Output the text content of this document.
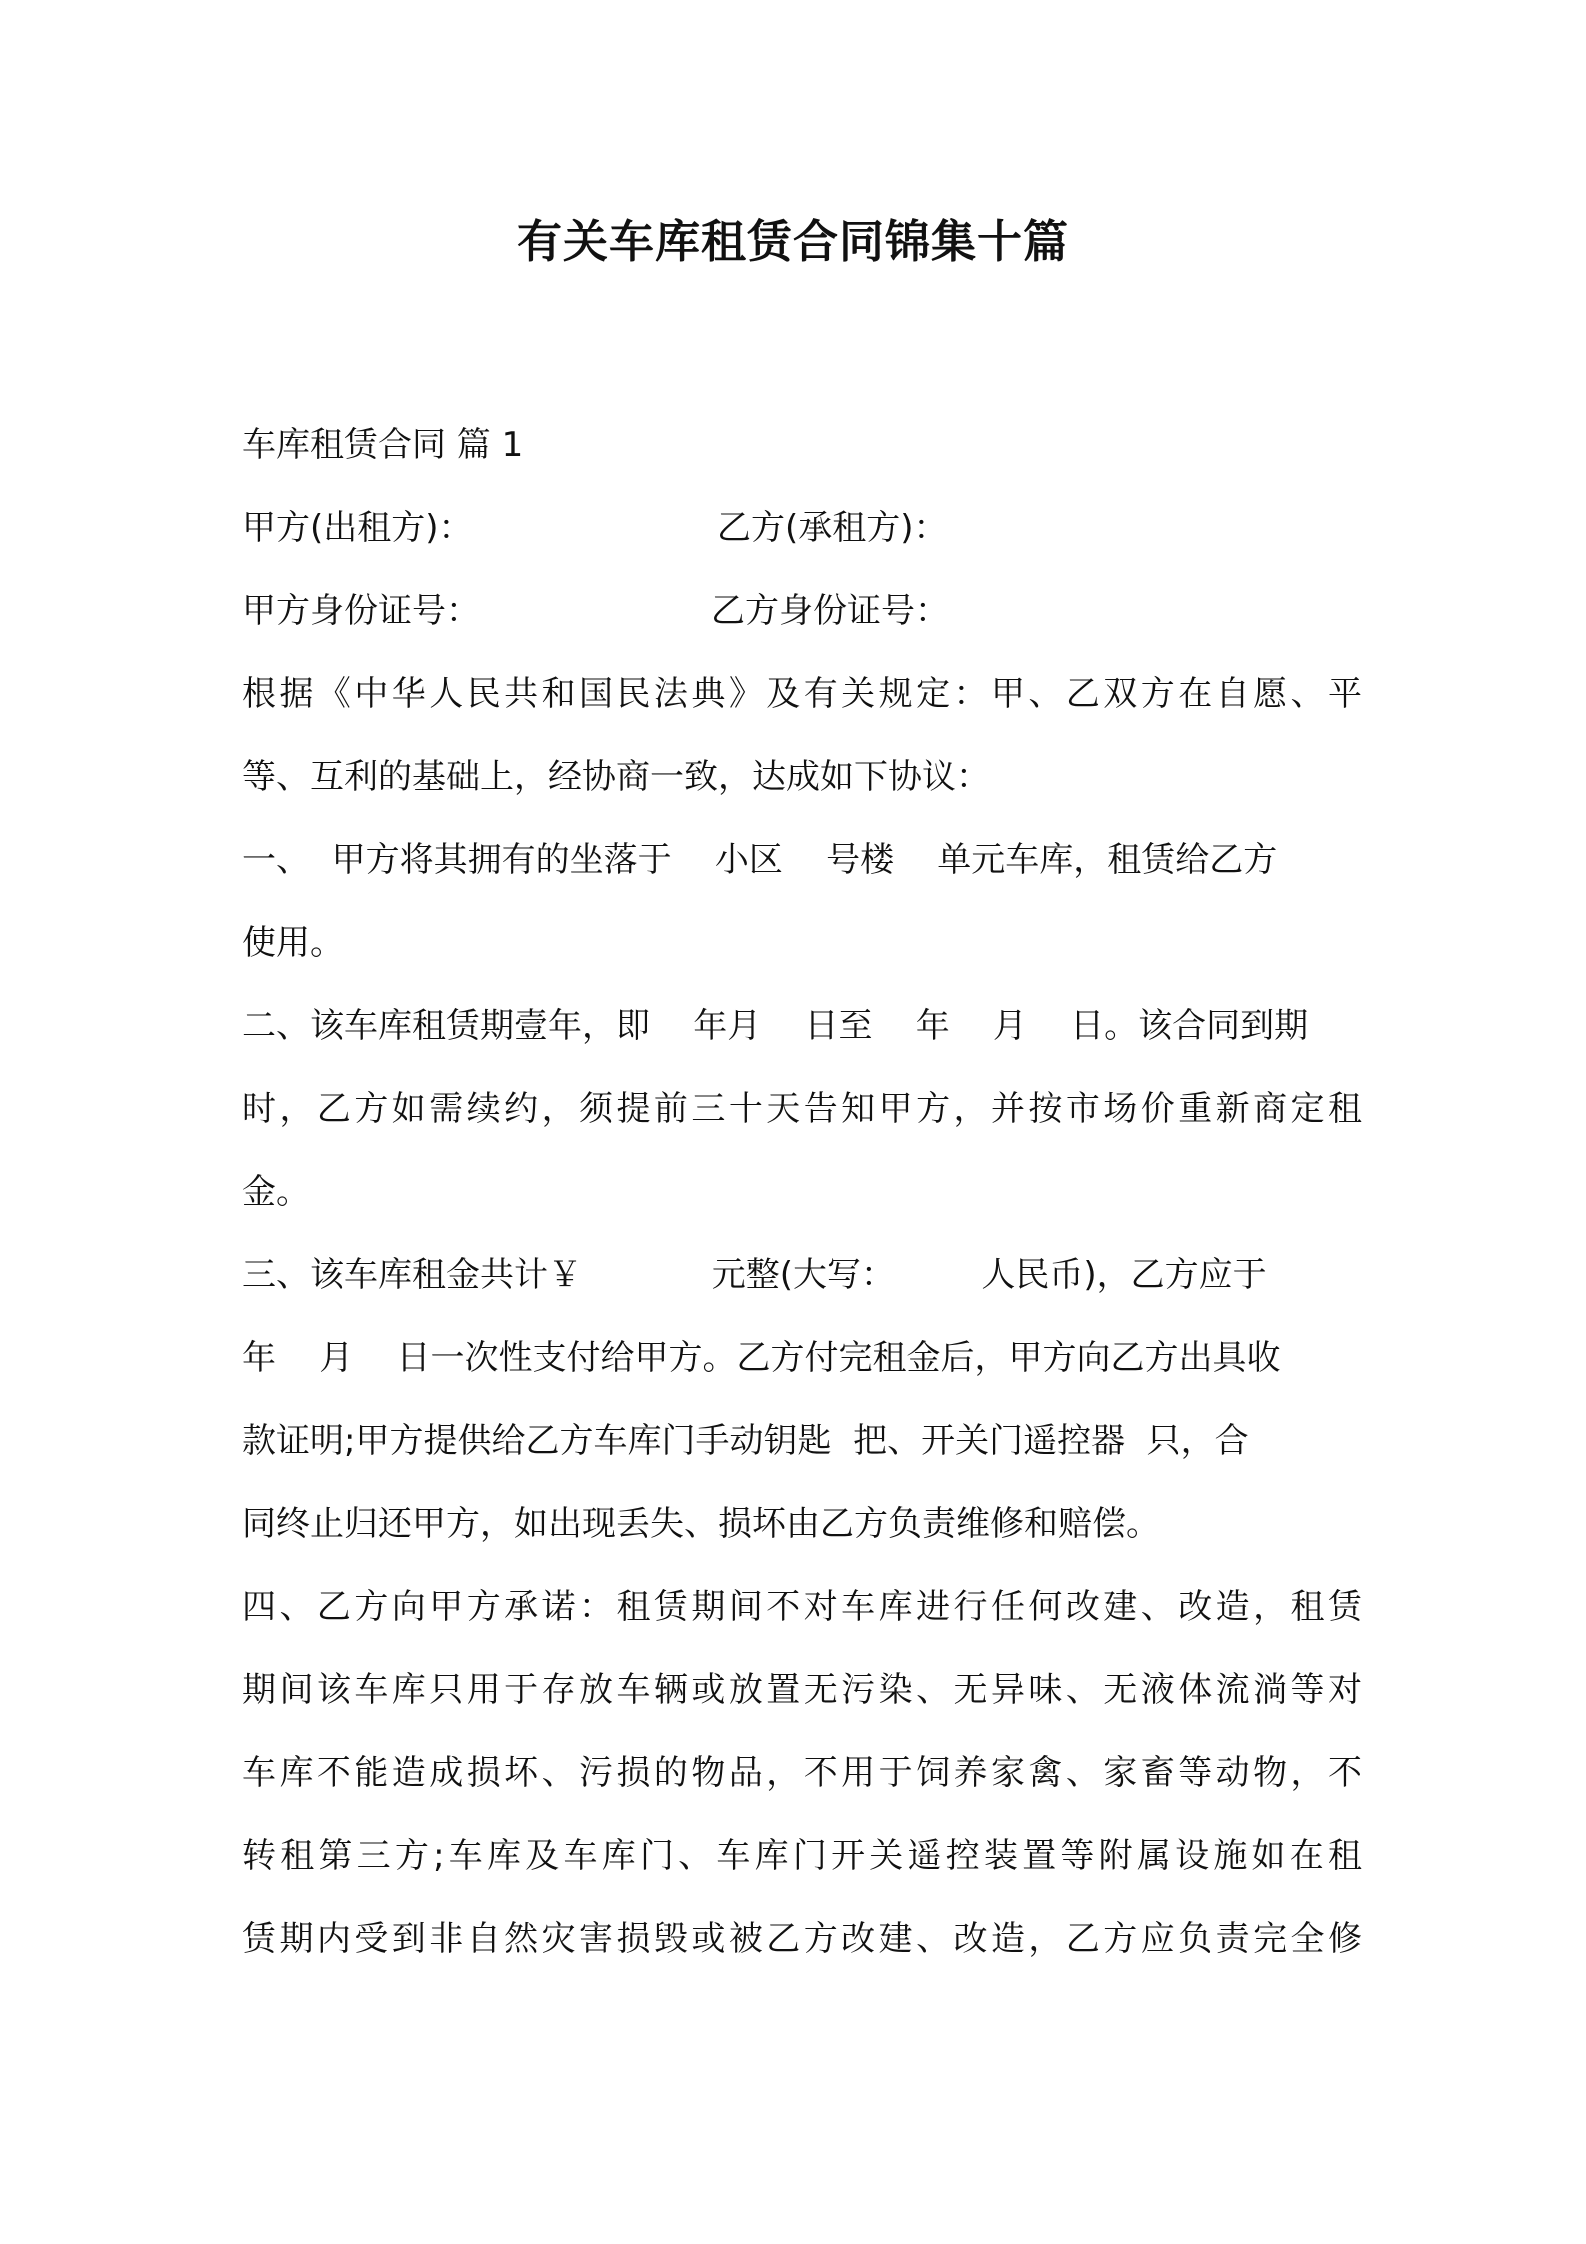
有关车库租赁合同锦集十篇
车库租赁合同 篇 1

甲方(出租方)：

	乙方(承租方)：

甲方身份证号：

	乙方身份证号：

根据《中华人民共和国民法典》及有关规定：甲、乙双方在自愿、平
等、互利的基础上，经协商一致，达成如下协议：
一、  甲方将其拥有的坐落于    小区    号楼    单元车库，租赁给乙方
使用。
二、该车库租赁期壹年，即    年月    日至    年    月    日。该合同到期
时，乙方如需续约，须提前三十天告知甲方，并按市场价重新商定租
金。
三、该车库租金共计￥            元整(大写：        人民币)，乙方应于
年    月    日一次性支付给甲方。乙方付完租金后，甲方向乙方出具收
款证明;甲方提供给乙方车库门手动钥匙  把、开关门遥控器  只，合
同终止归还甲方，如出现丢失、损坏由乙方负责维修和赔偿。
四、乙方向甲方承诺：租赁期间不对车库进行任何改建、改造，租赁
期间该车库只用于存放车辆或放置无污染、无异味、无液体流淌等对
车库不能造成损坏、污损的物品，不用于饲养家禽、家畜等动物，不
转租第三方;车库及车库门、车库门开关遥控装置等附属设施如在租
赁期内受到非自然灾害损毁或被乙方改建、改造，乙方应负责完全修
